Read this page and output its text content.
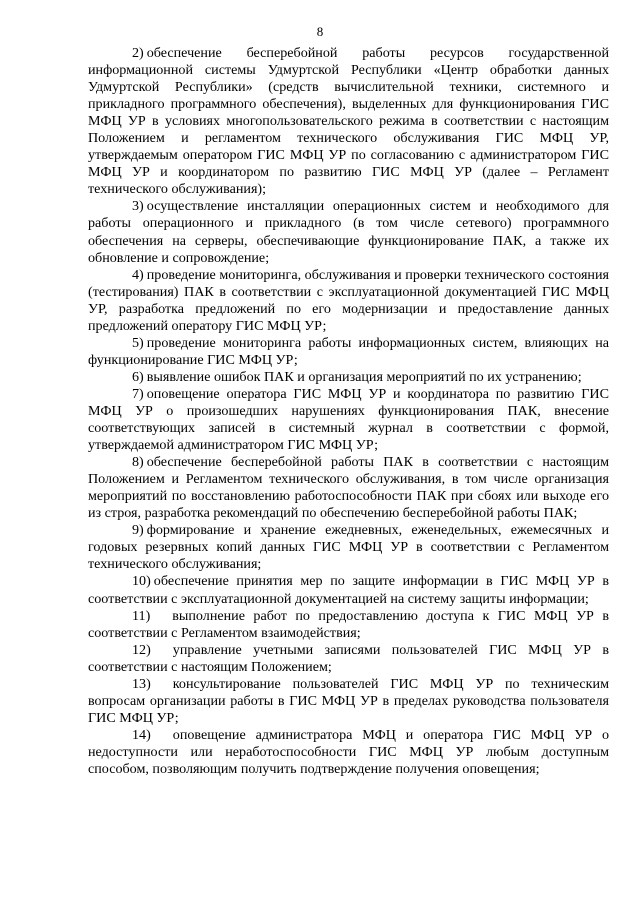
8

2) обеспечение бесперебойной работы ресурсов государственной информационной системы Удмуртской Республики «Центр обработки данных Удмуртской Республики» (средств вычислительной техники, системного и прикладного программного обеспечения), выделенных для функционирования ГИС МФЦ УР в условиях многопользовательского режима в соответствии с настоящим Положением и регламентом технического обслуживания ГИС МФЦ УР, утверждаемым оператором ГИС МФЦ УР по согласованию с администратором ГИС МФЦ УР и координатором по развитию ГИС МФЦ УР (далее – Регламент технического обслуживания);

3) осуществление инсталляции операционных систем и необходимого для работы операционного и прикладного (в том числе сетевого) программного обеспечения на серверы, обеспечивающие функционирование ПАК, а также их обновление и сопровождение;

4) проведение мониторинга, обслуживания и проверки технического состояния (тестирования) ПАК в соответствии с эксплуатационной документацией ГИС МФЦ УР, разработка предложений по его модернизации и предоставление данных предложений оператору ГИС МФЦ УР;

5) проведение мониторинга работы информационных систем, влияющих на функционирование ГИС МФЦ УР;

6) выявление ошибок ПАК и организация мероприятий по их устранению;

7) оповещение оператора ГИС МФЦ УР и координатора по развитию ГИС МФЦ УР о произошедших нарушениях функционирования ПАК, внесение соответствующих записей в системный журнал в соответствии с формой, утверждаемой администратором ГИС МФЦ УР;

8) обеспечение бесперебойной работы ПАК в соответствии с настоящим Положением и Регламентом технического обслуживания, в том числе организация мероприятий по восстановлению работоспособности ПАК при сбоях или выходе его из строя, разработка рекомендаций по обеспечению бесперебойной работы ПАК;

9) формирование и хранение ежедневных, еженедельных, ежемесячных и годовых резервных копий данных ГИС МФЦ УР в соответствии с Регламентом технического обслуживания;

10) обеспечение принятия мер по защите информации в ГИС МФЦ УР в соответствии с эксплуатационной документацией на систему защиты информации;

11) выполнение работ по предоставлению доступа к ГИС МФЦ УР в соответствии с Регламентом взаимодействия;

12) управление учетными записями пользователей ГИС МФЦ УР в соответствии с настоящим Положением;

13) консультирование пользователей ГИС МФЦ УР по техническим вопросам организации работы в ГИС МФЦ УР в пределах руководства пользователя ГИС МФЦ УР;

14) оповещение администратора МФЦ и оператора ГИС МФЦ УР о недоступности или неработоспособности ГИС МФЦ УР любым доступным способом, позволяющим получить подтверждение получения оповещения;
